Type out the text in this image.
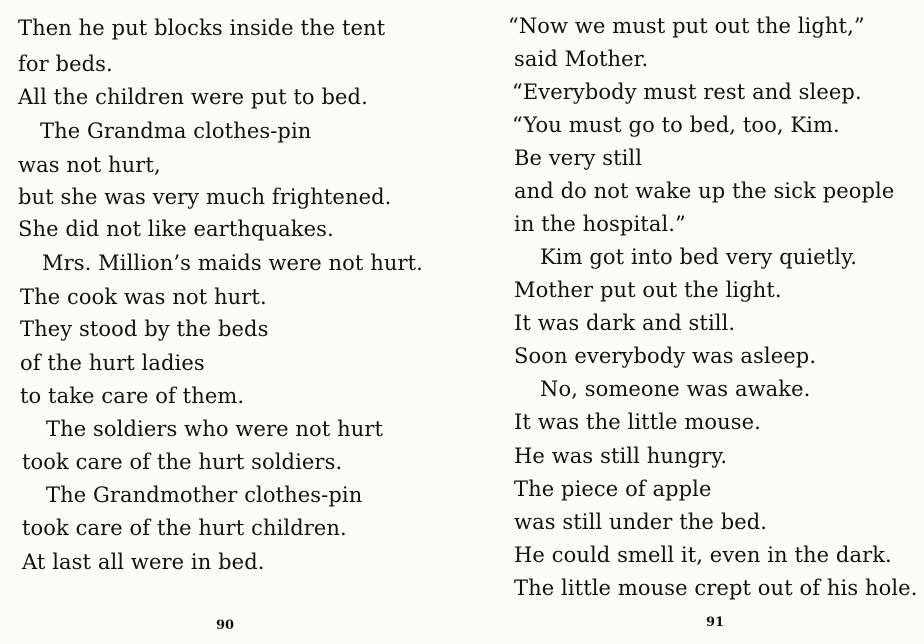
Then he put blocks inside the tent
for beds.
All the children were put to bed.
The Grandma clothes-pin
was not hurt,
but she was very much frightened.
She did not like earthquakes.
Mrs. Million’s maids were not hurt.
The cook was not hurt.
They stood by the beds
of the hurt ladies
to take care of them.
The soldiers who were not hurt
took care of the hurt soldiers.
The Grandmother clothes-pin
took care of the hurt children.
At last all were in bed.
90
“Now we must put out the light,”
said Mother.
“Everybody must rest and sleep.
“You must go to bed, too, Kim.
Be very still
and do not wake up the sick people
in the hospital.”
Kim got into bed very quietly.
Mother put out the light.
It was dark and still.
Soon everybody was asleep.
No, someone was awake.
It was the little mouse.
He was still hungry.
The piece of apple
was still under the bed.
He could smell it, even in the dark.
The little mouse crept out of his hole.
91
